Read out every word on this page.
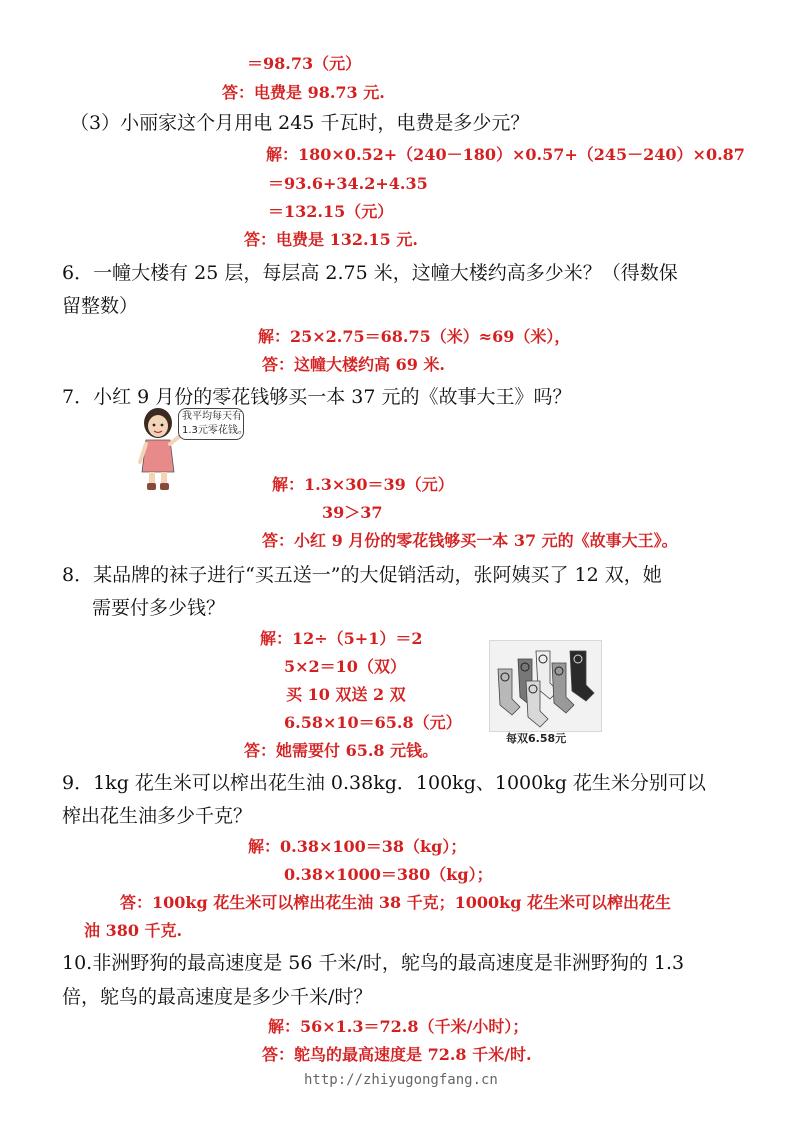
＝98.73（元）
答：电费是 98.73 元.
（3）小丽家这个月用电 245 千瓦时，电费是多少元？
解：180×0.52+（240－180）×0.57+（245－240）×0.87
＝93.6+34.2+4.35
＝132.15（元）
答：电费是 132.15 元.
6．一幢大楼有 25 层，每层高 2.75 米，这幢大楼约高多少米？（得数保
留整数）
解：25×2.75＝68.75（米）≈69（米），
答：这幢大楼约高 69 米.
7．小红 9 月份的零花钱够买一本 37 元的《故事大王》吗？
我平均每天有
1.3元零花钱。
解：1.3×30＝39（元）
39＞37
答：小红 9 月份的零花钱够买一本 37 元的《故事大王》。
8．某品牌的袜子进行“买五送一”的大促销活动，张阿姨买了 12 双，她
需要付多少钱？
解：12÷（5+1）＝2
5×2＝10（双）
买 10 双送 2 双
6.58×10＝65.8（元）
答：她需要付 65.8 元钱。
每双6.58元
9．1kg 花生米可以榨出花生油 0.38kg．100kg、1000kg 花生米分别可以
榨出花生油多少千克？
解：0.38×100＝38（kg）；
0.38×1000＝380（kg）；
答：100kg 花生米可以榨出花生油 38 千克；1000kg 花生米可以榨出花生
油 380 千克.
10.非洲野狗的最高速度是 56 千米/时，鸵鸟的最高速度是非洲野狗的 1.3
倍，鸵鸟的最高速度是多少千米/时？
解：56×1.3＝72.8（千米/小时）；
答：鸵鸟的最高速度是 72.8 千米/时.
http://zhiyugongfang.cn
